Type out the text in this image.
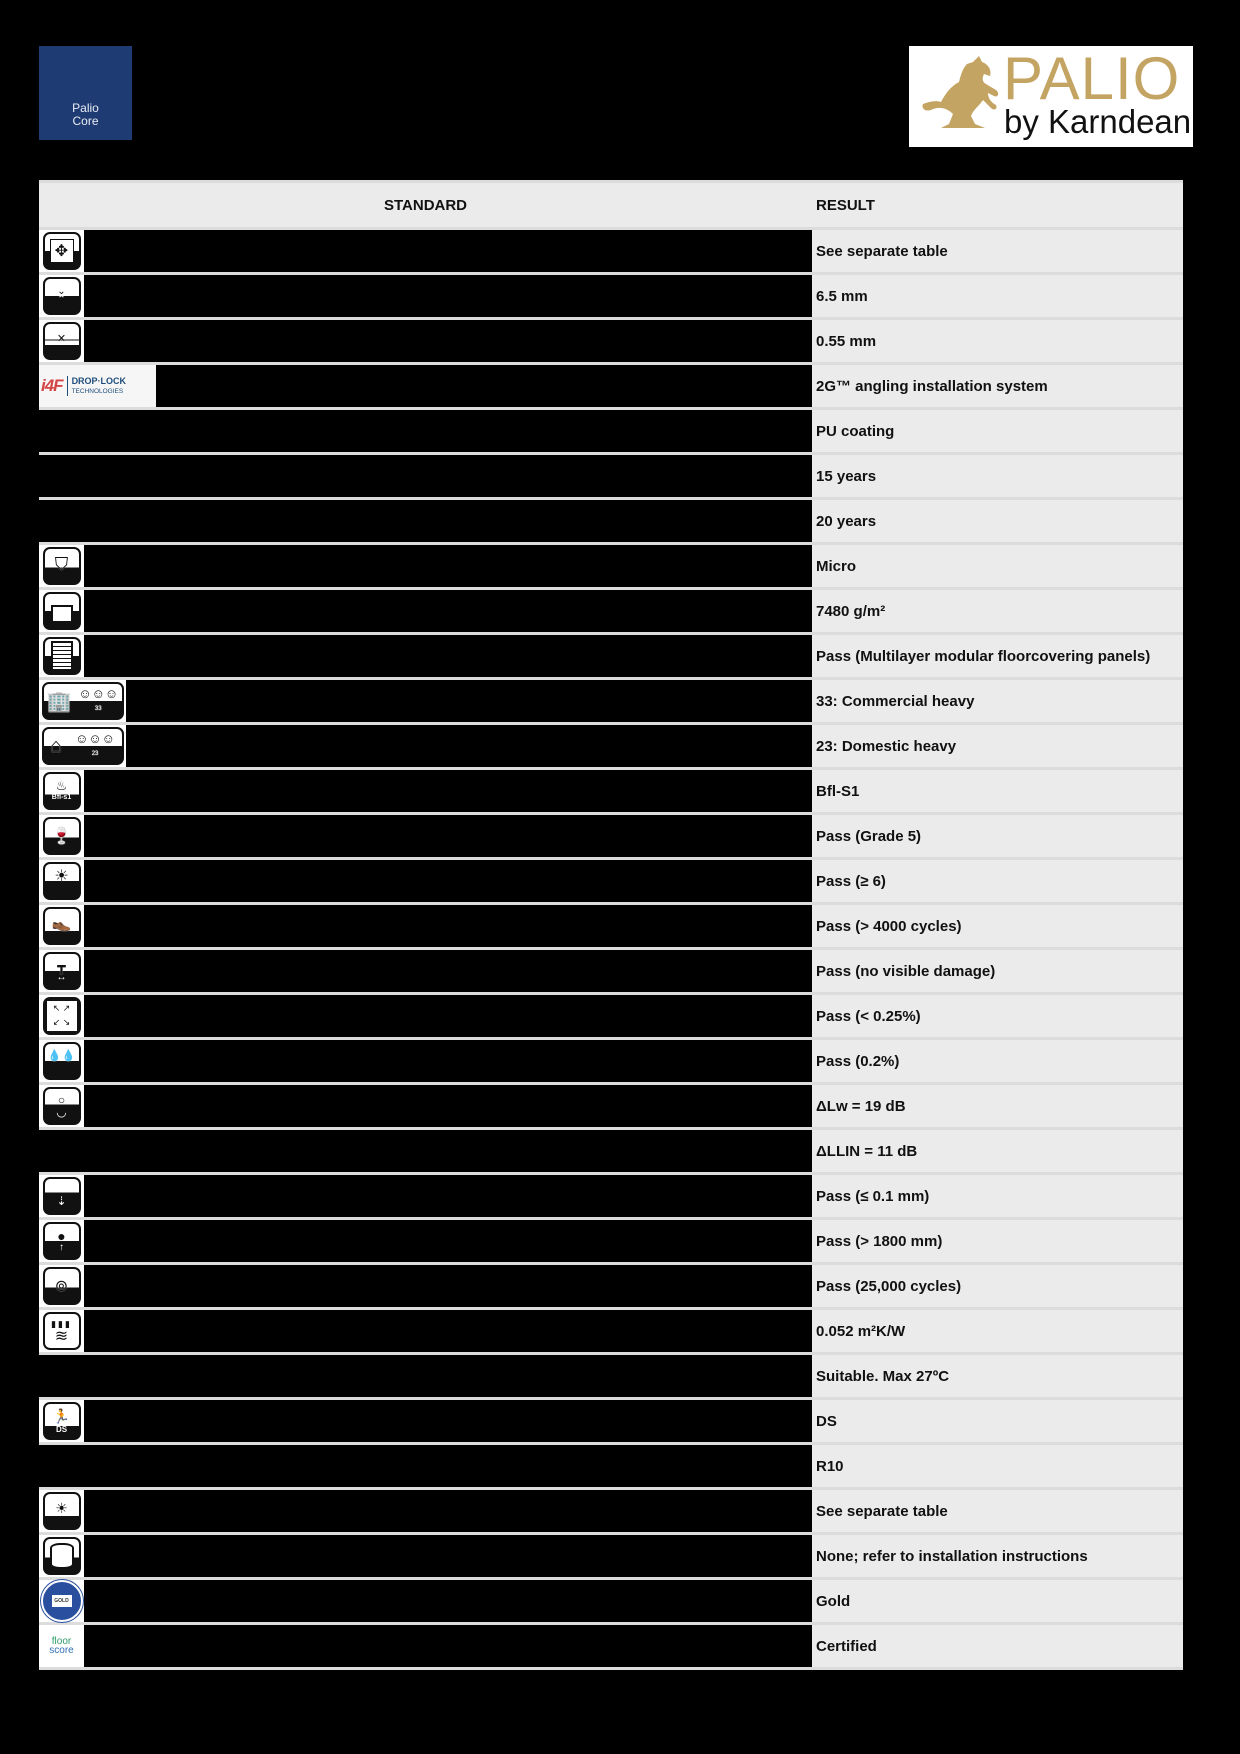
Palio
Core
PALIO
by Karndean
STANDARD	RESULT

✥	See separate table

⌄
⌃	6.5 mm

✕	0.55 mm

i4F DROP·LOCK
TECHNOLOGIES	2G™ angling installation system
	PU coating
	15 years
	20 years

⛉	Micro

	7480 g/m²

	Pass (Multilayer modular floorcovering panels)

🏢 ☺☺☺
33	33: Commercial heavy

⌂ ☺☺☺
23	23: Domestic heavy

♨
Bfl-s1	Bfl-S1

🍷	Pass (Grade 5)

☀	Pass (≥ 6)

👞	Pass (> 4000 cycles)

┳
↔	Pass (no visible damage)

↖ ↗
↙ ↘	Pass (< 0.25%)

💧💧	Pass (0.2%)

○
◡	ΔLw = 19 dB
	ΔLLIN = 11 dB

⇣	Pass (≤ 0.1 mm)

●
↑	Pass (> 1800 mm)

⊚	Pass (25,000 cycles)

▮▮▮
≋	0.052 m²K/W
	Suitable. Max 27ºC

🏃
DS	DS
	R10

☀	See separate table

	None; refer to installation instructions

GOLD	Gold

floor
score	Certified
